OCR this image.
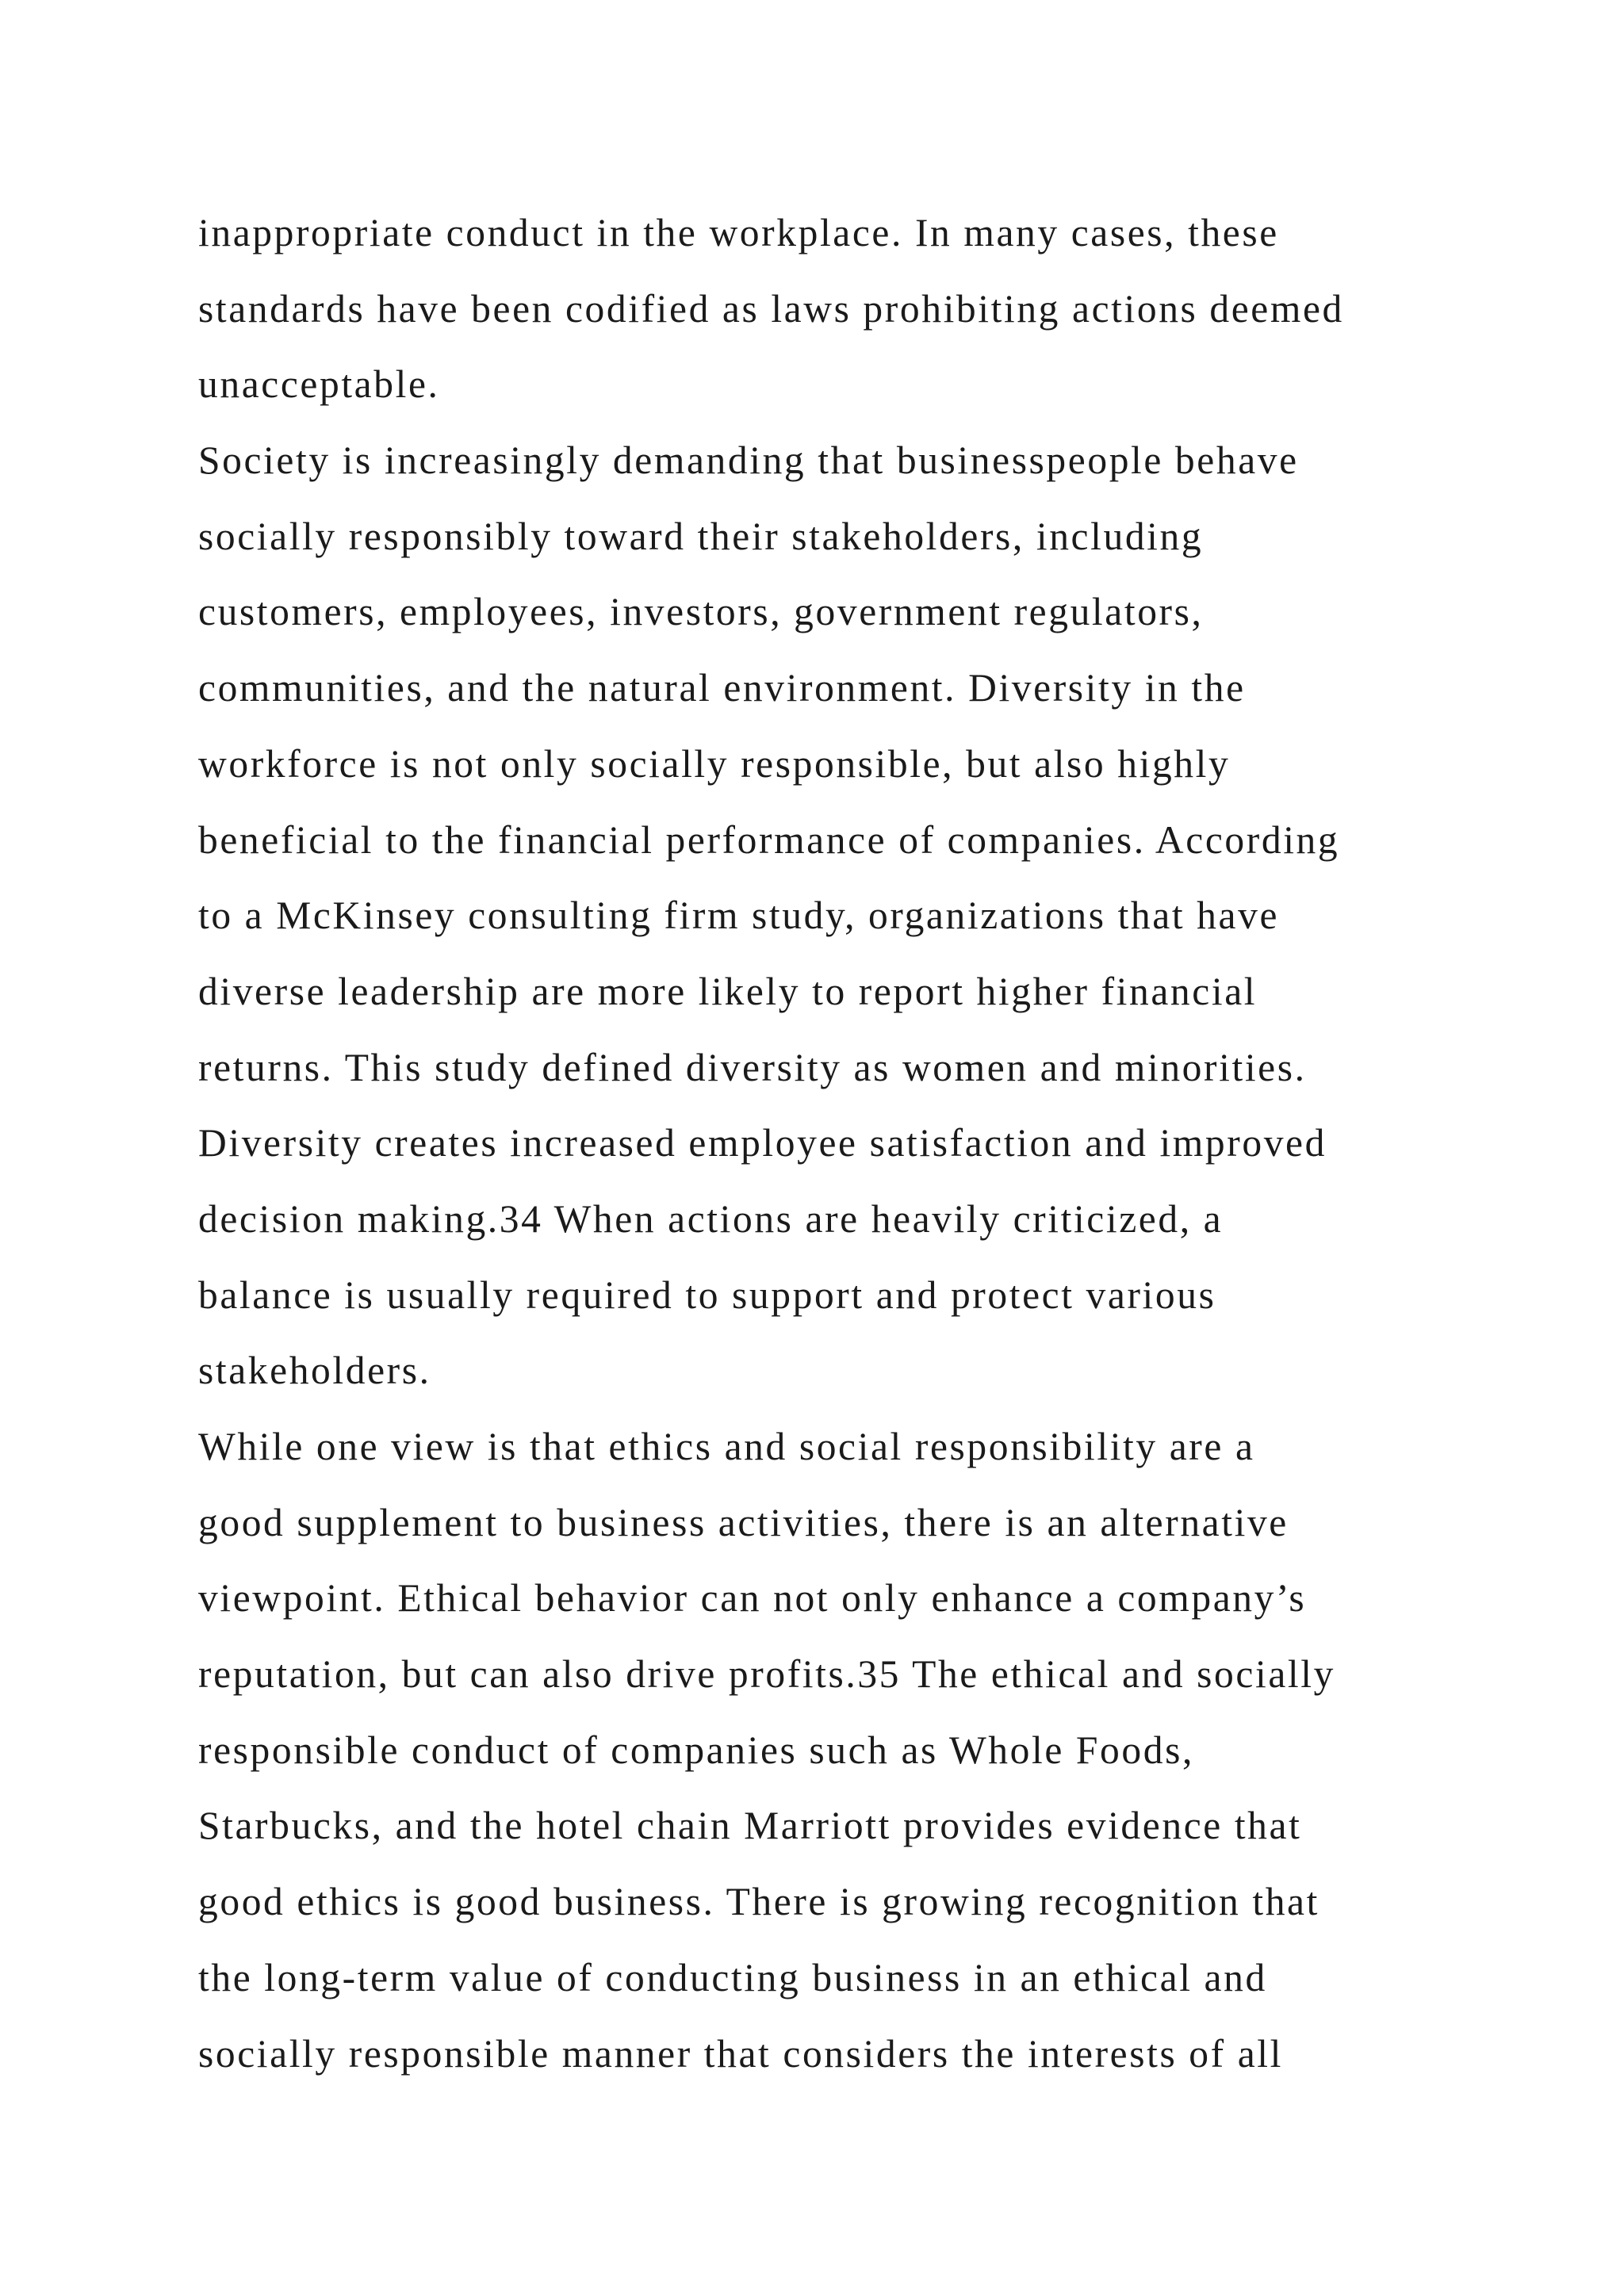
inappropriate conduct in the workplace. In many cases, these
standards have been codified as laws prohibiting actions deemed
unacceptable.
Society is increasingly demanding that businesspeople behave
socially responsibly toward their stakeholders, including
customers, employees, investors, government regulators,
communities, and the natural environment. Diversity in the
workforce is not only socially responsible, but also highly
beneficial to the financial performance of companies. According
to a McKinsey consulting firm study, organizations that have
diverse leadership are more likely to report higher financial
returns. This study defined diversity as women and minorities.
Diversity creates increased employee satisfaction and improved
decision making.34 When actions are heavily criticized, a
balance is usually required to support and protect various
stakeholders.
While one view is that ethics and social responsibility are a
good supplement to business activities, there is an alternative
viewpoint. Ethical behavior can not only enhance a company’s
reputation, but can also drive profits.35 The ethical and socially
responsible conduct of companies such as Whole Foods,
Starbucks, and the hotel chain Marriott provides evidence that
good ethics is good business. There is growing recognition that
the long-term value of conducting business in an ethical and
socially responsible manner that considers the interests of all
